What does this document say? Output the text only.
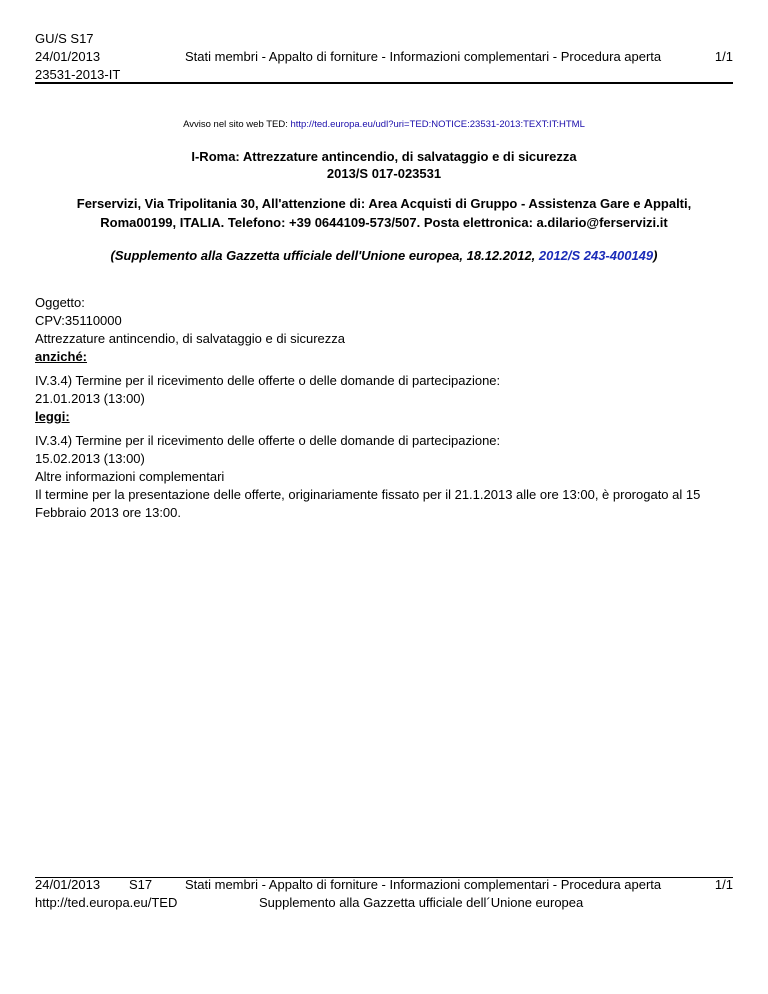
GU/S S17
24/01/2013
23531-2013-IT
Stati membri - Appalto di forniture - Informazioni complementari - Procedura aperta	1/1
Avviso nel sito web TED: http://ted.europa.eu/udl?uri=TED:NOTICE:23531-2013:TEXT:IT:HTML
I-Roma: Attrezzature antincendio, di salvataggio e di sicurezza
2013/S 017-023531
Ferservizi, Via Tripolitania 30, All'attenzione di: Area Acquisti di Gruppo - Assistenza Gare e Appalti,
Roma00199, ITALIA. Telefono: +39 0644109-573/507. Posta elettronica: a.dilario@ferservizi.it
(Supplemento alla Gazzetta ufficiale dell'Unione europea, 18.12.2012, 2012/S 243-400149)

Oggetto:

CPV:35110000

Attrezzature antincendio, di salvataggio e di sicurezza

anziché:

IV.3.4) Termine per il ricevimento delle offerte o delle domande di partecipazione:

21.01.2013 (13:00)

leggi:

IV.3.4) Termine per il ricevimento delle offerte o delle domande di partecipazione:

15.02.2013 (13:00)

Altre informazioni complementari

Il termine per la presentazione delle offerte, originariamente fissato per il 21.1.2013 alle ore 13:00, è prorogato al 15 Febbraio 2013 ore 13:00.

24/01/2013 S17	Stati membri - Appalto di forniture - Informazioni complementari - Procedura aperta	1/1
http://ted.europa.eu/TED	Supplemento alla Gazzetta ufficiale dell´Unione europea
